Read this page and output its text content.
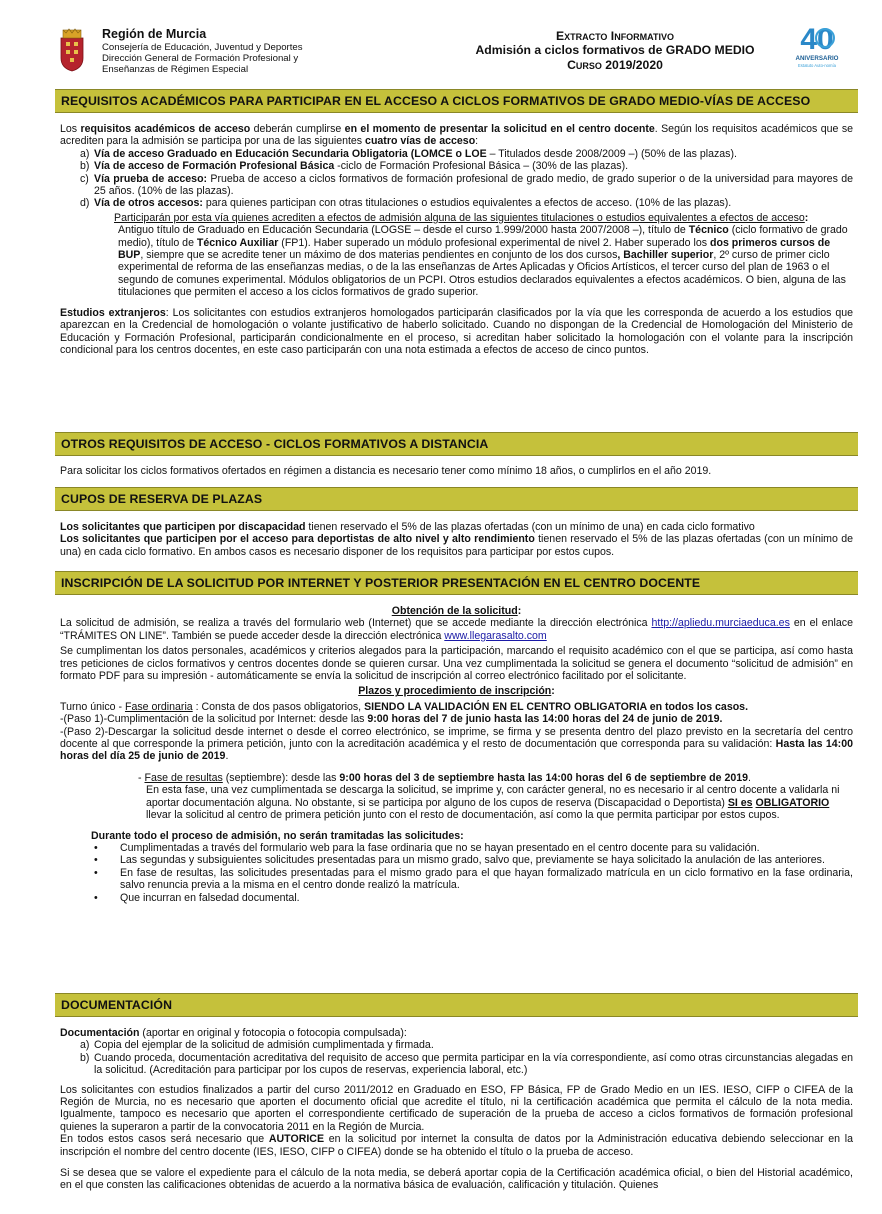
Región de Murcia
Consejería de Educación, Juventud y Deportes
Dirección General de Formación Profesional y
Enseñanzas de Régimen Especial
Extracto Informativo
Admisión a ciclos formativos de GRADO MEDIO
Curso 2019/2020
40
ANIVERSARIO
Estatuto Auto-nomía
REQUISITOS ACADÉMICOS PARA PARTICIPAR EN EL ACCESO A CICLOS FORMATIVOS DE GRADO MEDIO-VÍAS DE ACCESO

Los requisitos académicos de acceso deberán cumplirse en el momento de presentar la solicitud en el centro docente. Según los requisitos académicos que se acrediten para la admisión se participa por una de las siguientes cuatro vías de acceso:

a) Vía de acceso Graduado en Educación Secundaria Obligatoria (LOMCE o LOE – Titulados desde 2008/2009 –) (50% de las plazas).
b) Vía de acceso de Formación Profesional Básica -ciclo de Formación Profesional Básica – (30% de las plazas).
c) Vía prueba de acceso: Prueba de acceso a ciclos formativos de formación profesional de grado medio, de grado superior o de la universidad para mayores de 25 años. (10% de las plazas).
d) Vía de otros accesos: para quienes participan con otras titulaciones o estudios equivalentes a efectos de acceso. (10% de las plazas).

Participarán por esta vía quienes acrediten a efectos de admisión alguna de las siguientes titulaciones o estudios equivalentes a efectos de acceso:

Antiguo título de Graduado en Educación Secundaria (LOGSE – desde el curso 1.999/2000 hasta 2007/2008 –), título de Técnico (ciclo formativo de grado medio), título de Técnico Auxiliar (FP1). Haber superado un módulo profesional experimental de nivel 2. Haber superado los dos primeros cursos de BUP, siempre que se acredite tener un máximo de dos materias pendientes en conjunto de los dos cursos, Bachiller superior, 2º curso de primer ciclo experimental de reforma de las enseñanzas medias, o de la las enseñanzas de Artes Aplicadas y Oficios Artísticos, el tercer curso del plan de 1963 o el segundo de comunes experimental. Módulos obligatorios de un PCPI. Otros estudios declarados equivalentes a efectos académicos. O bien, alguna de las titulaciones que permiten el acceso a los ciclos formativos de grado superior.

Estudios extranjeros: Los solicitantes con estudios extranjeros homologados participarán clasificados por la vía que les corresponda de acuerdo a los estudios que aparezcan en la Credencial de homologación o volante justificativo de haberlo solicitado. Cuando no dispongan de la Credencial de Homologación del Ministerio de Educación y Formación Profesional, participarán condicionalmente en el proceso, si acreditan haber solicitado la homologación con el volante para la inscripción condicional para los centros docentes, en este caso participarán con una nota estimada a efectos de acceso de cinco puntos.

OTROS REQUISITOS DE ACCESO - CICLOS FORMATIVOS A DISTANCIA

Para solicitar los ciclos formativos ofertados en régimen a distancia es necesario tener como mínimo 18 años, o cumplirlos en el año 2019.

CUPOS DE RESERVA DE PLAZAS

Los solicitantes que participen por discapacidad tienen reservado el 5% de las plazas ofertadas (con un mínimo de una) en cada ciclo formativo

Los solicitantes que participen por el acceso para deportistas de alto nivel y alto rendimiento tienen reservado el 5% de las plazas ofertadas (con un mínimo de una) en cada ciclo formativo. En ambos casos es necesario disponer de los requisitos para participar por estos cupos.

INSCRIPCIÓN DE LA SOLICITUD POR INTERNET Y POSTERIOR PRESENTACIÓN EN EL CENTRO DOCENTE

Obtención de la solicitud:

La solicitud de admisión, se realiza a través del formulario web (Internet) que se accede mediante la dirección electrónica http://apliedu.murciaeduca.es en el enlace “TRÁMITES ON LINE”. También se puede acceder desde la dirección electrónica www.llegarasalto.com

Se cumplimentan los datos personales, académicos y criterios alegados para la participación, marcando el requisito académico con el que se participa, así como hasta tres peticiones de ciclos formativos y centros docentes donde se quieren cursar. Una vez cumplimentada la solicitud se genera el documento “solicitud de admisión” en formato PDF para su impresión - automáticamente se envía la solicitud de inscripción al correo electrónico facilitado por el solicitante.

Plazos y procedimiento de inscripción:

Turno único - Fase ordinaria : Consta de dos pasos obligatorios, SIENDO LA VALIDACIÓN EN EL CENTRO OBLIGATORIA en todos los casos.

-(Paso 1)-Cumplimentación de la solicitud por Internet: desde las 9:00 horas del 7 de junio hasta las 14:00 horas del 24 de junio de 2019.

-(Paso 2)-Descargar la solicitud desde internet o desde el correo electrónico, se imprime, se firma y se presenta dentro del plazo previsto en la secretaría del centro docente al que corresponde la primera petición, junto con la acreditación académica y el resto de documentación que corresponda para su validación: Hasta las 14:00 horas del día 25 de junio de 2019.

- Fase de resultas (septiembre): desde las 9:00 horas del 3 de septiembre hasta las 14:00 horas del 6 de septiembre de 2019.

En esta fase, una vez cumplimentada se descarga la solicitud, se imprime y, con carácter general, no es necesario ir al centro docente a validarla ni aportar documentación alguna. No obstante, si se participa por alguno de los cupos de reserva (Discapacidad o Deportista) SI es OBLIGATORIO llevar la solicitud al centro de primera petición junto con el resto de documentación, así como la que permita participar por estos cupos.

Durante todo el proceso de admisión, no serán tramitadas las solicitudes:

•	Cumplimentadas a través del formulario web para la fase ordinaria que no se hayan presentado en el centro docente para su validación.
•	Las segundas y subsiguientes solicitudes presentadas para un mismo grado, salvo que, previamente se haya solicitado la anulación de las anteriores.
•	En fase de resultas, las solicitudes presentadas para el mismo grado para el que hayan formalizado matrícula en un ciclo formativo en la fase ordinaria, salvo renuncia previa a la misma en el centro donde realizó la matrícula.
•	Que incurran en falsedad documental.
DOCUMENTACIÓN

Documentación (aportar en original y fotocopia o fotocopia compulsada):

a) Copia del ejemplar de la solicitud de admisión cumplimentada y firmada.
b) Cuando proceda, documentación acreditativa del requisito de acceso que permita participar en la vía correspondiente, así como otras circunstancias alegadas en la solicitud. (Acreditación para participar por los cupos de reservas, experiencia laboral, etc.)

Los solicitantes con estudios finalizados a partir del curso 2011/2012 en Graduado en ESO, FP Básica, FP de Grado Medio en un IES. IESO, CIFP o CIFEA de la Región de Murcia, no es necesario que aporten el documento oficial que acredite el título, ni la certificación académica que permita el cálculo de la nota media. Igualmente, tampoco es necesario que aporten el correspondiente certificado de superación de la prueba de acceso a ciclos formativos de formación profesional quienes la superaron a partir de la convocatoria 2011 en la Región de Murcia.

En todos estos casos será necesario que AUTORICE en la solicitud por internet la consulta de datos por la Administración educativa debiendo seleccionar en la inscripción el nombre del centro docente (IES, IESO, CIFP o CIFEA) donde se ha obtenido el título o la prueba de acceso.

Si se desea que se valore el expediente para el cálculo de la nota media, se deberá aportar copia de la Certificación académica oficial, o bien del Historial académico, en el que consten las calificaciones obtenidas de acuerdo a la normativa básica de evaluación, calificación y titulación. Quienes
